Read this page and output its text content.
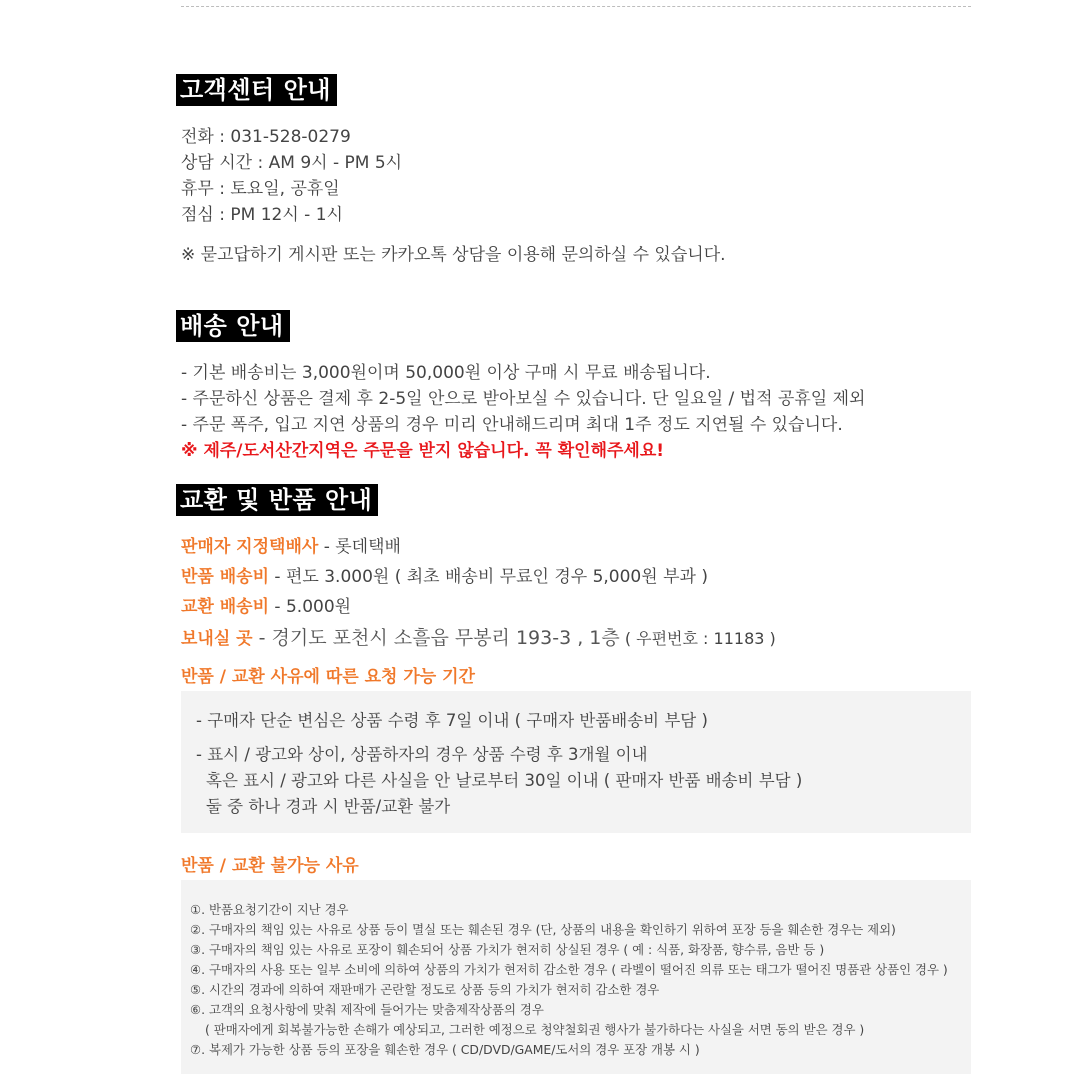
고객센터 안내
전화 : 031-528-0279
상담 시간 : AM 9시 - PM 5시
휴무 : 토요일, 공휴일
점심 : PM 12시 - 1시
※ 묻고답하기 게시판 또는 카카오톡 상담을 이용해 문의하실 수 있습니다.
배송 안내
- 기본 배송비는 3,000원이며 50,000원 이상 구매 시 무료 배송됩니다.
- 주문하신 상품은 결제 후 2-5일 안으로 받아보실 수 있습니다. 단 일요일 / 법적 공휴일 제외
- 주문 폭주, 입고 지연 상품의 경우 미리 안내해드리며 최대 1주 정도 지연될 수 있습니다.
※ 제주/도서산간지역은 주문을 받지 않습니다. 꼭 확인해주세요!
교환 및 반품 안내
판매자 지정택배사 - 롯데택배
반품 배송비 - 편도 3.000원 ( 최초 배송비 무료인 경우 5,000원 부과 )
교환 배송비 - 5.000원
보내실 곳 - 경기도 포천시 소흘읍 무봉리 193-3 , 1층 ( 우편번호 : 11183 )
반품 / 교환 사유에 따른 요청 가능 기간
- 구매자 단순 변심은 상품 수령 후 7일 이내 ( 구매자 반품배송비 부담 )
- 표시 / 광고와 상이, 상품하자의 경우 상품 수령 후 3개월 이내
혹은 표시 / 광고와 다른 사실을 안 날로부터 30일 이내 ( 판매자 반품 배송비 부담 )
둘 중 하나 경과 시 반품/교환 불가
반품 / 교환 불가능 사유
①. 반품요청기간이 지난 경우
②. 구매자의 책임 있는 사유로 상품 등이 멸실 또는 훼손된 경우 (단, 상품의 내용을 확인하기 위하여 포장 등을 훼손한 경우는 제외)
③. 구매자의 책임 있는 사유로 포장이 훼손되어 상품 가치가 현저히 상실된 경우 ( 예 : 식품, 화장품, 향수류, 음반 등 )
④. 구매자의 사용 또는 일부 소비에 의하여 상품의 가치가 현저히 감소한 경우 ( 라벨이 떨어진 의류 또는 태그가 떨어진 명품관 상품인 경우 )
⑤. 시간의 경과에 의하여 재판매가 곤란할 정도로 상품 등의 가치가 현저히 감소한 경우
⑥. 고객의 요청사항에 맞춰 제작에 들어가는 맞춤제작상품의 경우
( 판매자에게 회복불가능한 손해가 예상되고, 그러한 예정으로 청약철회권 행사가 불가하다는 사실을 서면 동의 받은 경우 )
⑦. 복제가 가능한 상품 등의 포장을 훼손한 경우 ( CD/DVD/GAME/도서의 경우 포장 개봉 시 )
